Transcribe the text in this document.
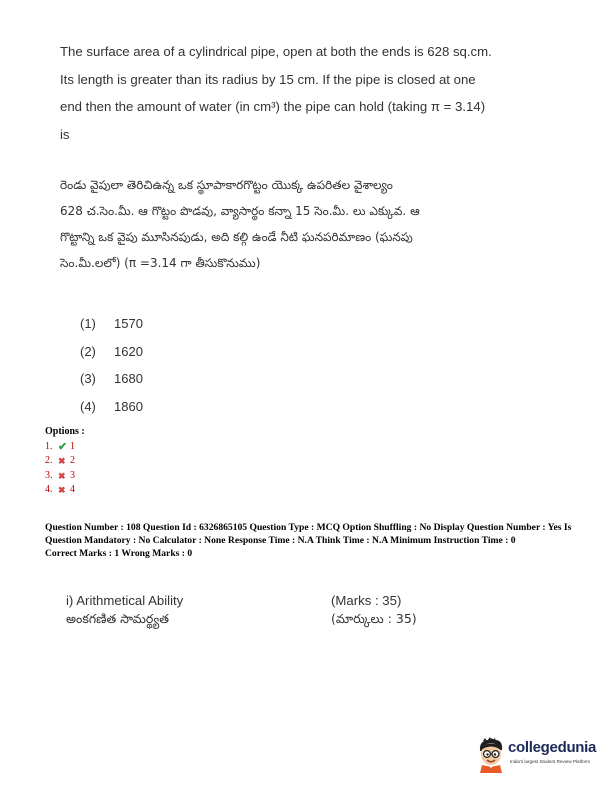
The surface area of a cylindrical pipe, open at both the ends is 628 sq.cm.
Its length is greater than its radius by 15 cm. If the pipe is closed at one
end then the amount of water (in cm³) the pipe can hold (taking π = 3.14)
is
రెండు వైపులా తెరిచిఉన్న ఒక స్థూపాకారగొట్టం యొక్క ఉపరితల వైశాల్యం
628 చ.సెం.మీ. ఆ గొట్టం పొడవు, వ్యాసార్థం కన్నా 15 సెం.మీ. లు ఎక్కువ. ఆ
గొట్టాన్ని ఒక వైపు మూసినపుడు, అది కల్గి ఉండే నీటి ఘనపరిమాణం (ఘనపు
సెం.మీ.లలో) (π =3.14 గా తీసుకొనుము)
(1)	1570
(2)	1620
(3)	1680
(4)	1860
Options :
1. ✔ 1
2. ✖ 2
3. ✖ 3
4. ✖ 4
Question Number : 108 Question Id : 6326865105 Question Type : MCQ Option Shuffling : No Display Question Number : Yes Is Question Mandatory : No Calculator : None Response Time : N.A Think Time : N.A Minimum Instruction Time : 0
Correct Marks : 1 Wrong Marks : 0
i) Arithmetical Ability	(Marks : 35)
అంకగణిత సామర్థ్యత	(మార్కులు : 35)
collegedunia
India's largest Student Review Platform
